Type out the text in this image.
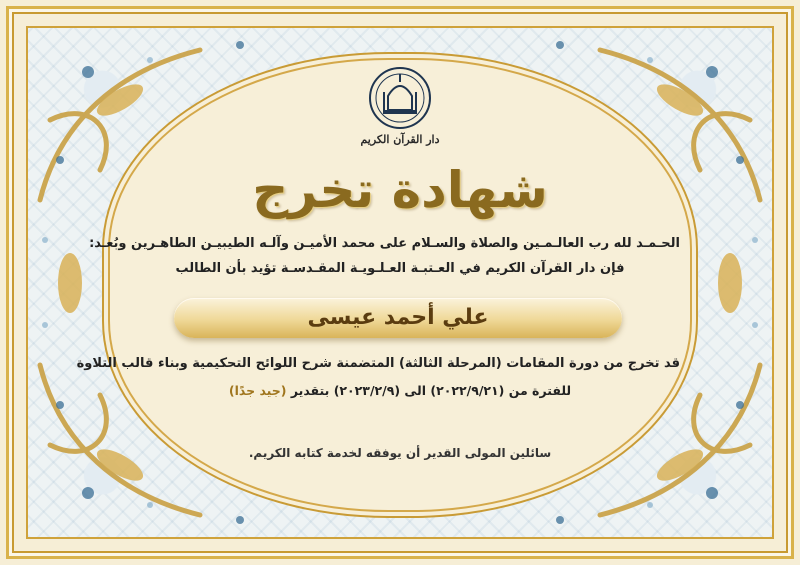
دار القرآن الكريم
شهادة تخرج
الحـمـد لله رب العالـمـين والصلاة والسـلام على محمد الأميـن وآلـه الطيبيـن الطاهـرين وبُعـد:
فإن دار القرآن الكريم في العـتبـة العـلـويـة المقـدسـة تؤيد بأن الطالب
علي أحمد عيسى
قد تخرج من دورة المقامات (المرحلة الثالثة) المتضمنة شرح اللوائح التحكيمية وبناء قالب التلاوة
للفترة من (٢٠٢٢/٩/٢١) الى (٢٠٢٣/٢/٩) بتقدير (جيد جدًا)
سائلين المولى القدير أن يوفقه لخدمة كتابه الكريم.
